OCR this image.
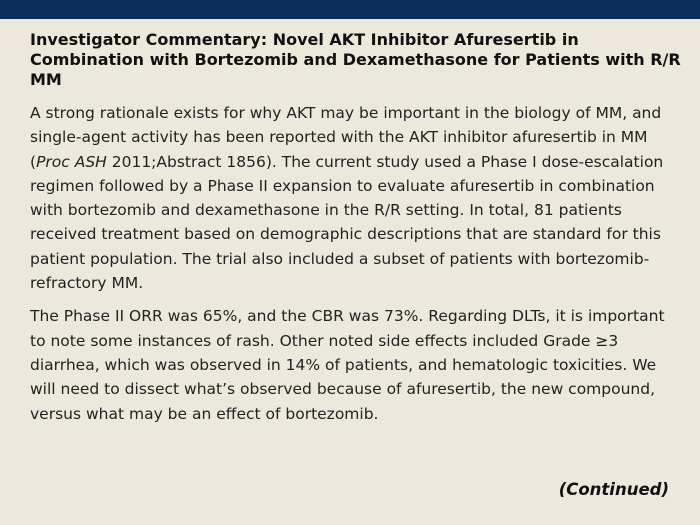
Investigator Commentary: Novel AKT Inhibitor Afuresertib in Combination with Bortezomib and Dexamethasone for Patients with R/R MM

A strong rationale exists for why AKT may be important in the biology of MM, and single-agent activity has been reported with the AKT inhibitor afuresertib in MM (Proc ASH 2011;Abstract 1856). The current study used a Phase I dose-escalation regimen followed by a Phase II expansion to evaluate afuresertib in combination with bortezomib and dexamethasone in the R/R setting. In total, 81 patients received treatment based on demographic descriptions that are standard for this patient population. The trial also included a subset of patients with bortezomib-refractory MM.

The Phase II ORR was 65%, and the CBR was 73%. Regarding DLTs, it is important to note some instances of rash. Other noted side effects included Grade ≥3 diarrhea, which was observed in 14% of patients, and hematologic toxicities. We will need to dissect what’s observed because of afuresertib, the new compound, versus what may be an effect of bortezomib.

(Continued)
